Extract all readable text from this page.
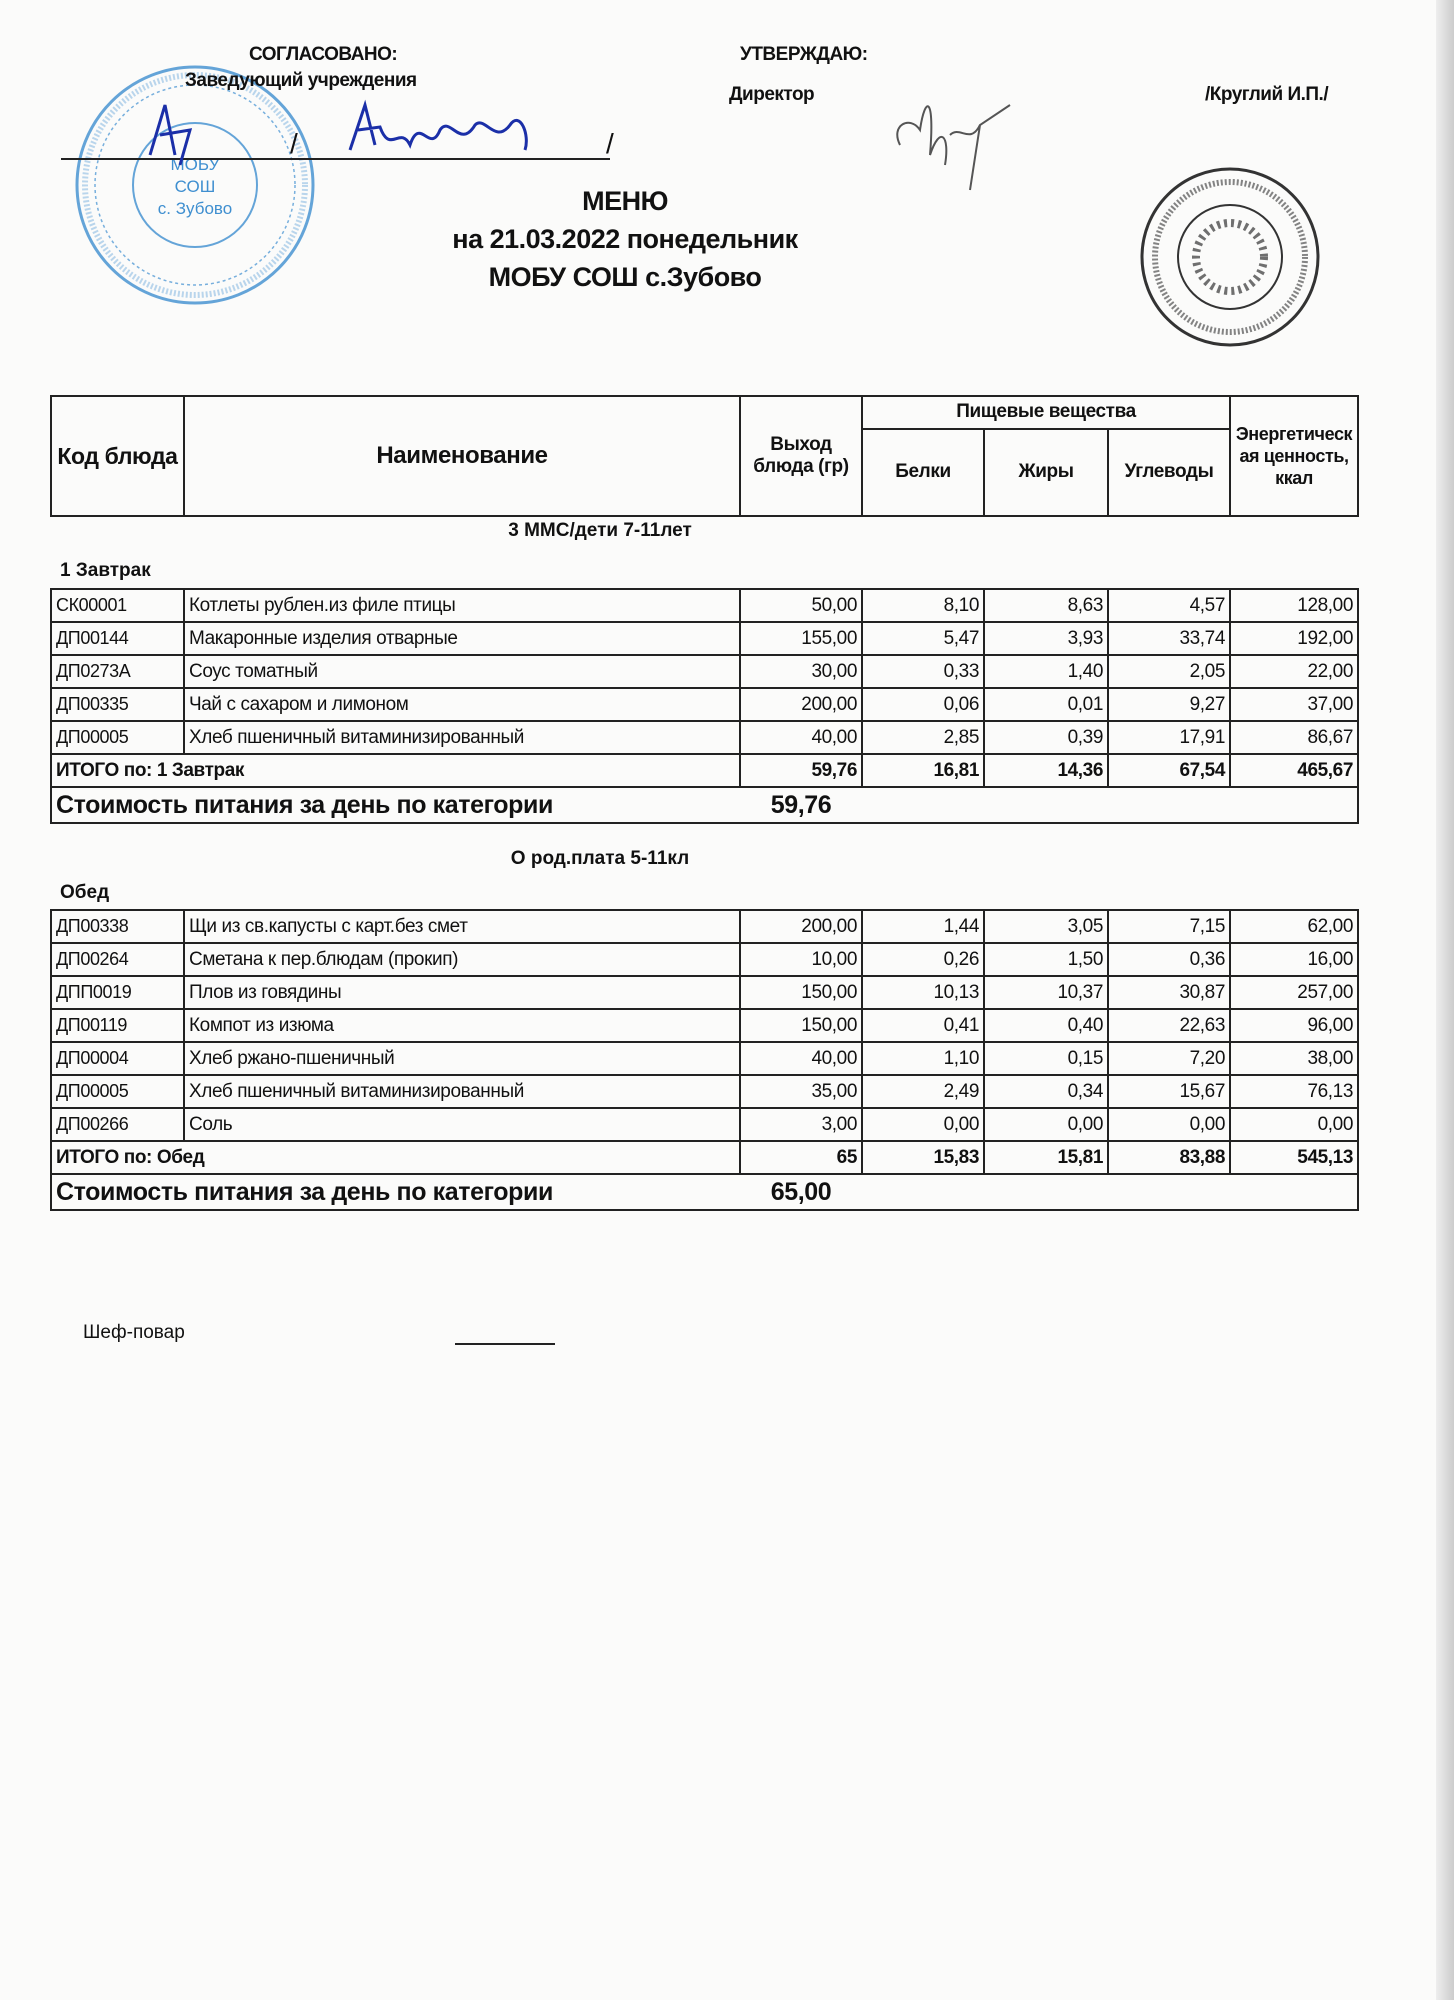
МОБУ
СОШ
с. Зубово
СОГЛАСОВАНО:
Заведующий учреждения
/	/
УТВЕРЖДАЮ:
Директор	/Круглий И.П./
МЕНЮ
на 21.03.2022 понедельник
МОБУ СОШ с.Зубово
Код блюда	Наименование	Выход блюда (гр)	Пищевые вещества			Энергетическая ценность, ккал
			Белки	Жиры	Углеводы	
3 ММС/дети 7-11лет
1 Завтрак
СК00001	Котлеты рублен.из филе птицы	50,00	8,10	8,63	4,57	128,00
ДП00144	Макаронные изделия отварные	155,00	5,47	3,93	33,74	192,00
ДП0273А	Соус томатный	30,00	0,33	1,40	2,05	22,00
ДП00335	Чай с сахаром и лимоном	200,00	0,06	0,01	9,27	37,00
ДП00005	Хлеб пшеничный витаминизированный	40,00	2,85	0,39	17,91	86,67
ИТОГО по: 1 Завтрак		59,76	16,81	14,36	67,54	465,67
Стоимость питания за день по категории		59,76				
О род.плата 5-11кл
Обед
ДП00338	Щи из св.капусты с карт.без смет	200,00	1,44	3,05	7,15	62,00
ДП00264	Сметана к пер.блюдам (прокип)	10,00	0,26	1,50	0,36	16,00
ДПП0019	Плов из говядины	150,00	10,13	10,37	30,87	257,00
ДП00119	Компот из изюма	150,00	0,41	0,40	22,63	96,00
ДП00004	Хлеб ржано-пшеничный	40,00	1,10	0,15	7,20	38,00
ДП00005	Хлеб пшеничный витаминизированный	35,00	2,49	0,34	15,67	76,13
ДП00266	Соль	3,00	0,00	0,00	0,00	0,00
ИТОГО по: Обед		65	15,83	15,81	83,88	545,13
Стоимость питания за день по категории		65,00				
Шеф-повар
